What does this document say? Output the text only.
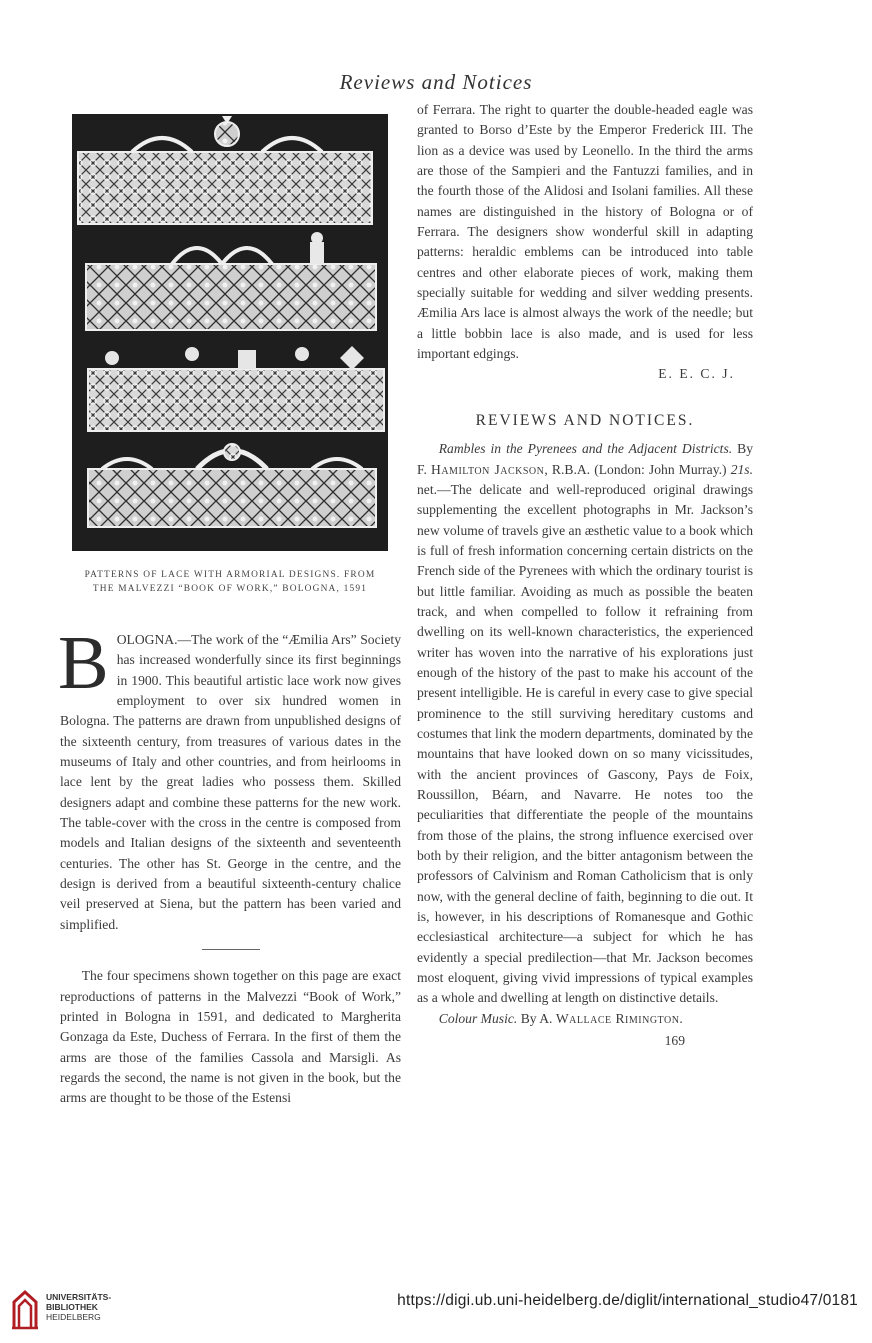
Reviews and Notices
PATTERNS OF LACE WITH ARMORIAL DESIGNS. FROM
THE MALVEZZI “BOOK OF WORK,” BOLOGNA, 1591
B OLOGNA.—The work of the “Æmilia Ars” Society has increased wonderfully since its first beginnings in 1900. This beautiful artistic lace work now gives employment to over six hundred women in Bologna. The patterns are drawn from unpublished designs of the sixteenth century, from treasures of various dates in the museums of Italy and other countries, and from heirlooms in lace lent by the great ladies who possess them. Skilled designers adapt and combine these patterns for the new work. The table-cover with the cross in the centre is composed from models and Italian designs of the sixteenth and seventeenth centuries. The other has St. George in the centre, and the design is derived from a beautiful sixteenth-century chalice veil preserved at Siena, but the pattern has been varied and simplified.

The four specimens shown together on this page are exact reproductions of patterns in the Malvezzi “Book of Work,” printed in Bologna in 1591, and dedicated to Margherita Gonzaga da Este, Duchess of Ferrara. In the first of them the arms are those of the families Cassola and Marsigli. As regards the second, the name is not given in the book, but the arms are thought to be those of the Estensi

of Ferrara. The right to quarter the double-headed eagle was granted to Borso d’Este by the Emperor Frederick III. The lion as a device was used by Leonello. In the third the arms are those of the Sampieri and the Fantuzzi families, and in the fourth those of the Alidosi and Isolani families. All these names are distinguished in the history of Bologna or of Ferrara. The designers show wonderful skill in adapting patterns: heraldic emblems can be introduced into table centres and other elaborate pieces of work, making them specially suitable for wedding and silver wedding presents. Æmilia Ars lace is almost always the work of the needle; but a little bobbin lace is also made, and is used for less important edgings.

E. E. C. J.
REVIEWS AND NOTICES.

Rambles in the Pyrenees and the Adjacent Districts. By F. Hamilton Jackson, R.B.A. (London: John Murray.) 21s. net.—The delicate and well-reproduced original drawings supplementing the excellent photographs in Mr. Jackson’s new volume of travels give an æsthetic value to a book which is full of fresh information concerning certain districts on the French side of the Pyrenees with which the ordinary tourist is but little familiar. Avoiding as much as possible the beaten track, and when compelled to follow it refraining from dwelling on its well-known characteristics, the experienced writer has woven into the narrative of his explorations just enough of the history of the past to make his account of the present intelligible. He is careful in every case to give special prominence to the still surviving hereditary customs and costumes that link the modern departments, dominated by the mountains that have looked down on so many vicissitudes, with the ancient provinces of Gascony, Pays de Foix, Roussillon, Béarn, and Navarre. He notes too the peculiarities that differentiate the people of the mountains from those of the plains, the strong influence exercised over both by their religion, and the bitter antagonism between the professors of Calvinism and Roman Catholicism that is only now, with the general decline of faith, beginning to die out. It is, however, in his descriptions of Romanesque and Gothic ecclesiastical architecture—a subject for which he has evidently a special predilection—that Mr. Jackson becomes most eloquent, giving vivid impressions of typical examples as a whole and dwelling at length on distinctive details.

Colour Music. By A. Wallace Rimington.

169
UNIVERSITÄTS-
BIBLIOTHEK
HEIDELBERG
https://digi.ub.uni-heidelberg.de/diglit/international_studio47/0181
